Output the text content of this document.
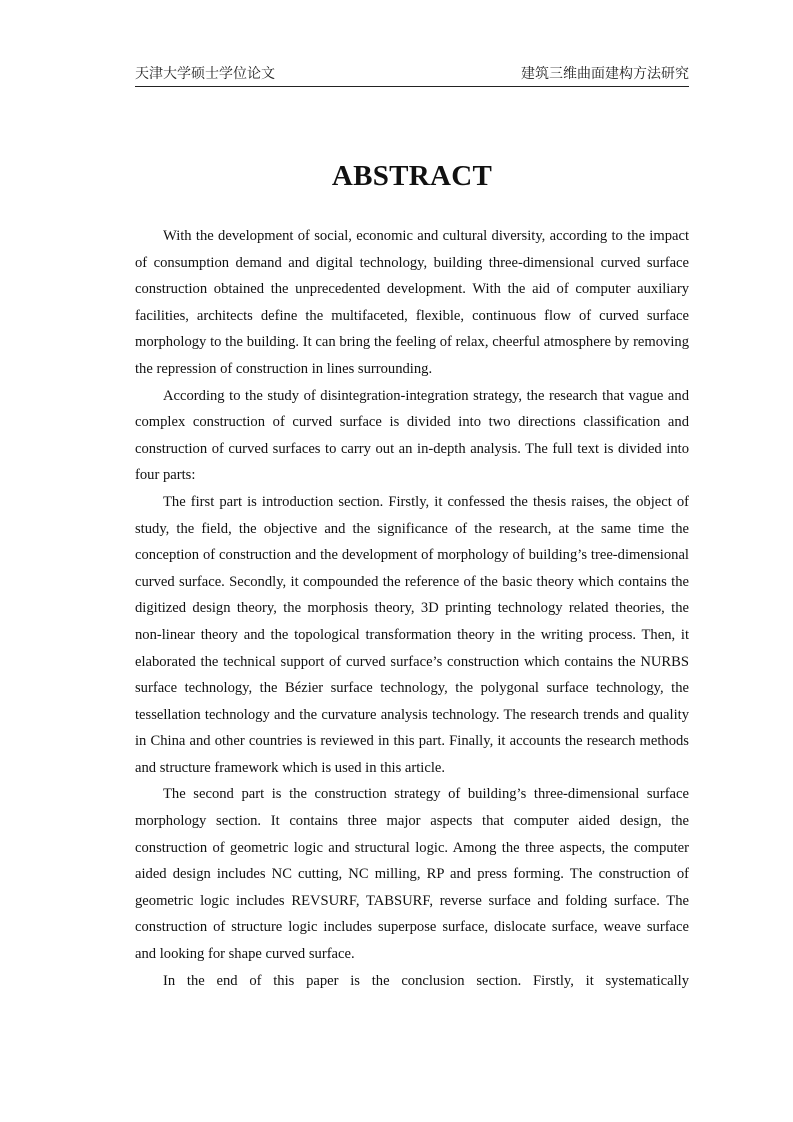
天津大学硕士学位论文	建筑三维曲面建构方法研究
ABSTRACT

With the development of social, economic and cultural diversity, according to the impact of consumption demand and digital technology, building three-dimensional curved surface construction obtained the unprecedented development. With the aid of computer auxiliary facilities, architects define the multifaceted, flexible, continuous flow of curved surface morphology to the building. It can bring the feeling of relax, cheerful atmosphere by removing the repression of construction in lines surrounding.

According to the study of disintegration-integration strategy, the research that vague and complex construction of curved surface is divided into two directions classification and construction of curved surfaces to carry out an in-depth analysis. The full text is divided into four parts:

The first part is introduction section. Firstly, it confessed the thesis raises, the object of study, the field, the objective and the significance of the research, at the same time the conception of construction and the development of morphology of building’s tree-dimensional curved surface. Secondly, it compounded the reference of the basic theory which contains the digitized design theory, the morphosis theory, 3D printing technology related theories, the non-linear theory and the topological transformation theory in the writing process. Then, it elaborated the technical support of curved surface’s construction which contains the NURBS surface technology, the Bézier surface technology, the polygonal surface technology, the tessellation technology and the curvature analysis technology. The research trends and quality in China and other countries is reviewed in this part. Finally, it accounts the research methods and structure framework which is used in this article.

The second part is the construction strategy of building’s three-dimensional surface morphology section. It contains three major aspects that computer aided design, the construction of geometric logic and structural logic. Among the three aspects, the computer aided design includes NC cutting, NC milling, RP and press forming. The construction of geometric logic includes REVSURF, TABSURF, reverse surface and folding surface. The construction of structure logic includes superpose surface, dislocate surface, weave surface and looking for shape curved surface.

In the end of this paper is the conclusion section. Firstly, it systematically
